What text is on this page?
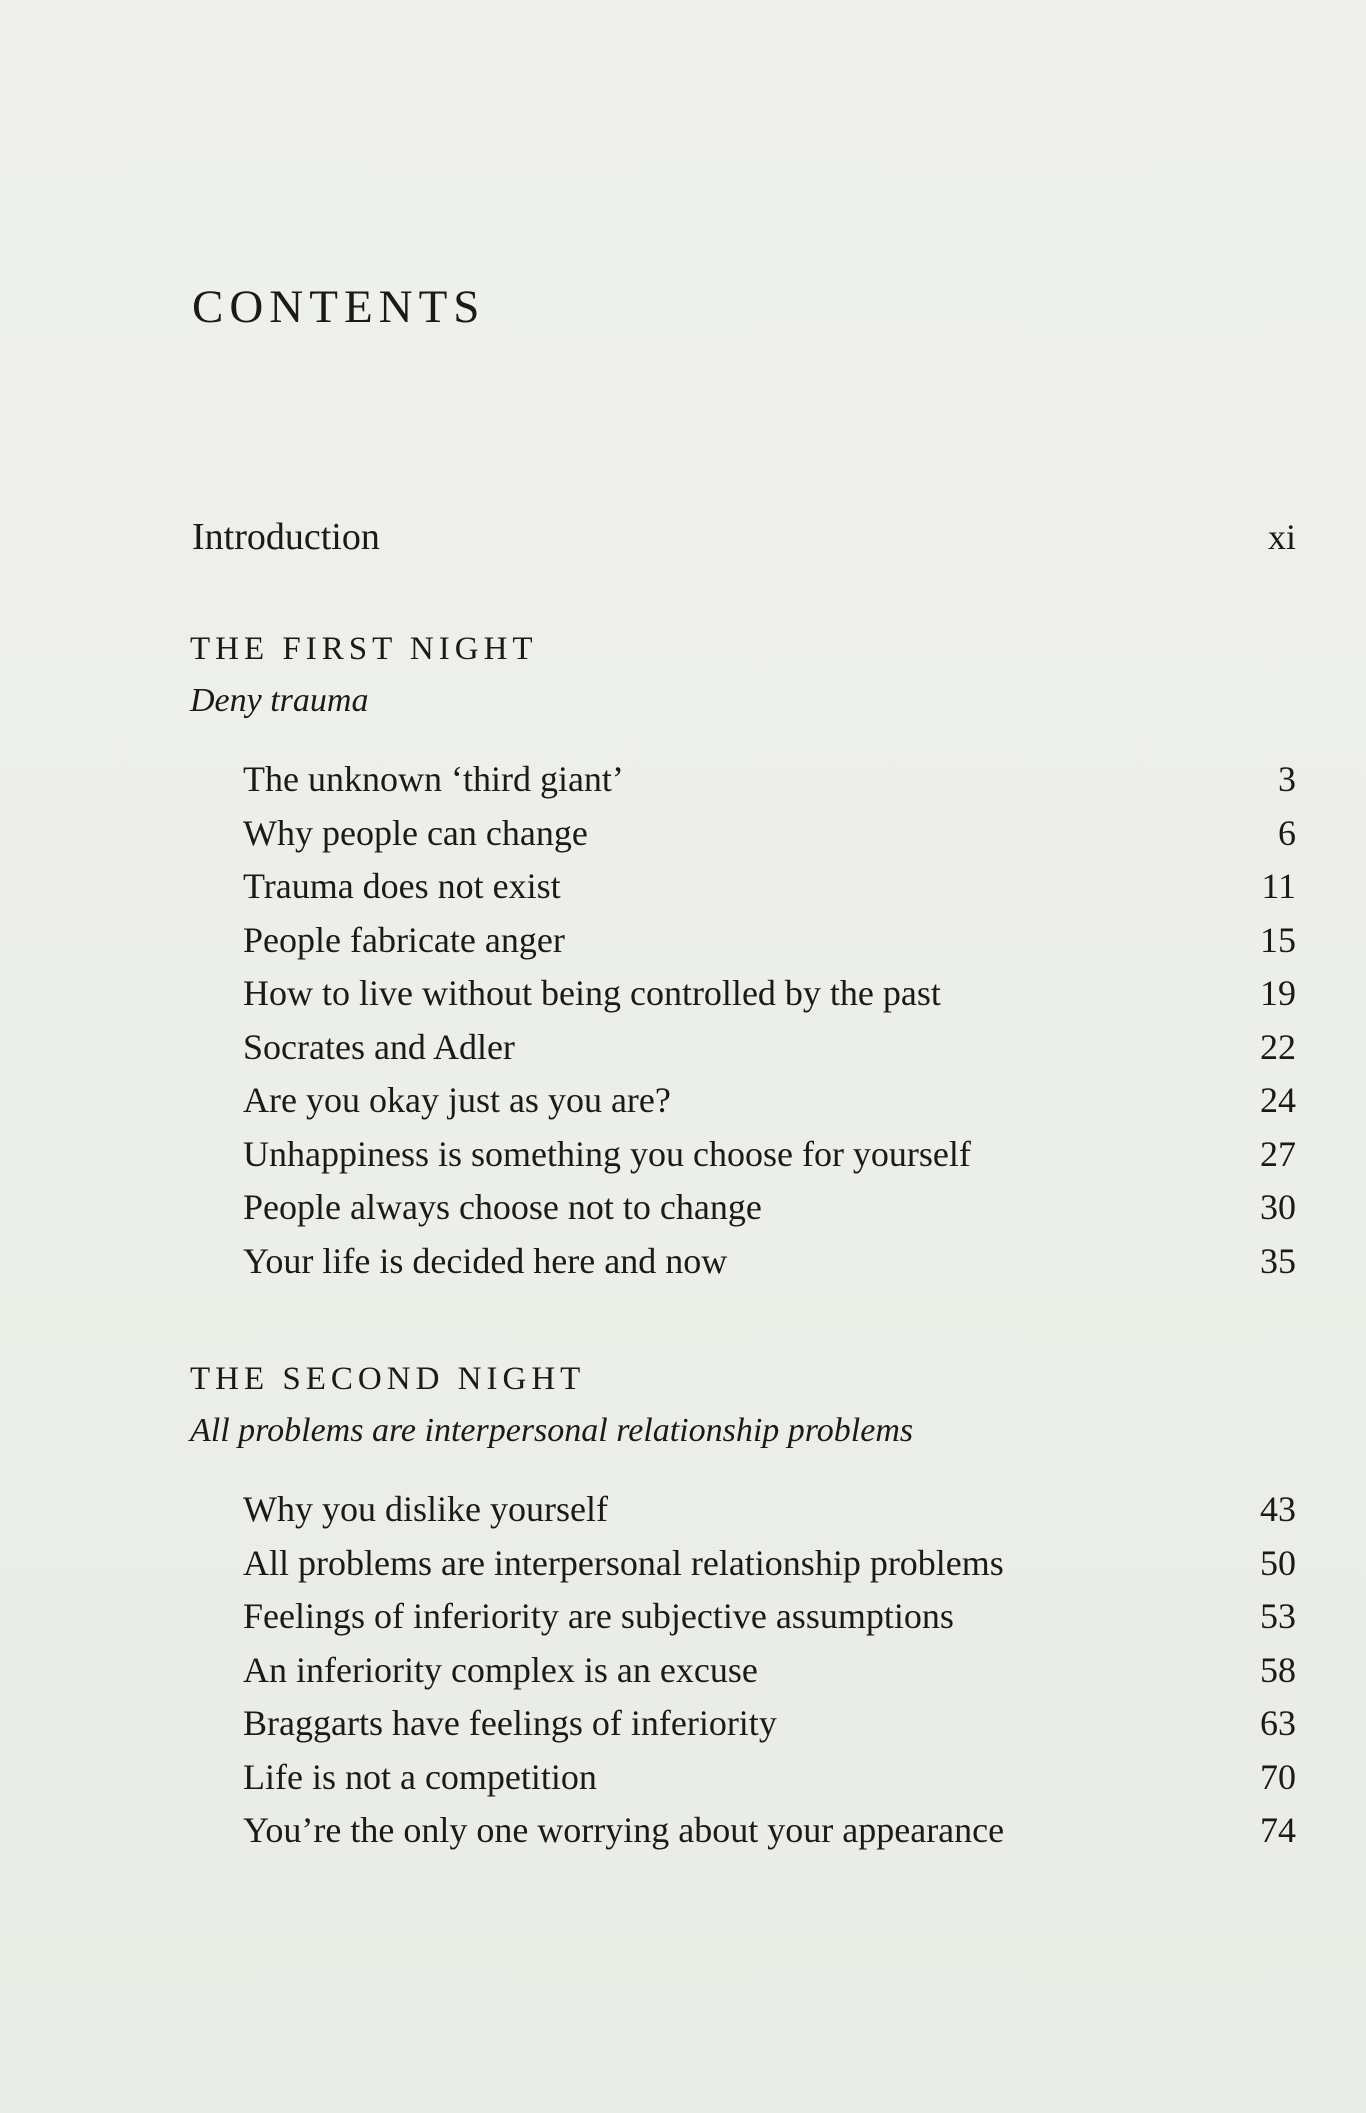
CONTENTS
Introduction	xi
THE FIRST NIGHT
Deny trauma
The unknown ‘third giant’	3
Why people can change	6
Trauma does not exist	11
People fabricate anger	15
How to live without being controlled by the past	19
Socrates and Adler	22
Are you okay just as you are?	24
Unhappiness is something you choose for yourself	27
People always choose not to change	30
Your life is decided here and now	35
THE SECOND NIGHT
All problems are interpersonal relationship problems
Why you dislike yourself	43
All problems are interpersonal relationship problems	50
Feelings of inferiority are subjective assumptions	53
An inferiority complex is an excuse	58
Braggarts have feelings of inferiority	63
Life is not a competition	70
You’re the only one worrying about your appearance	74
